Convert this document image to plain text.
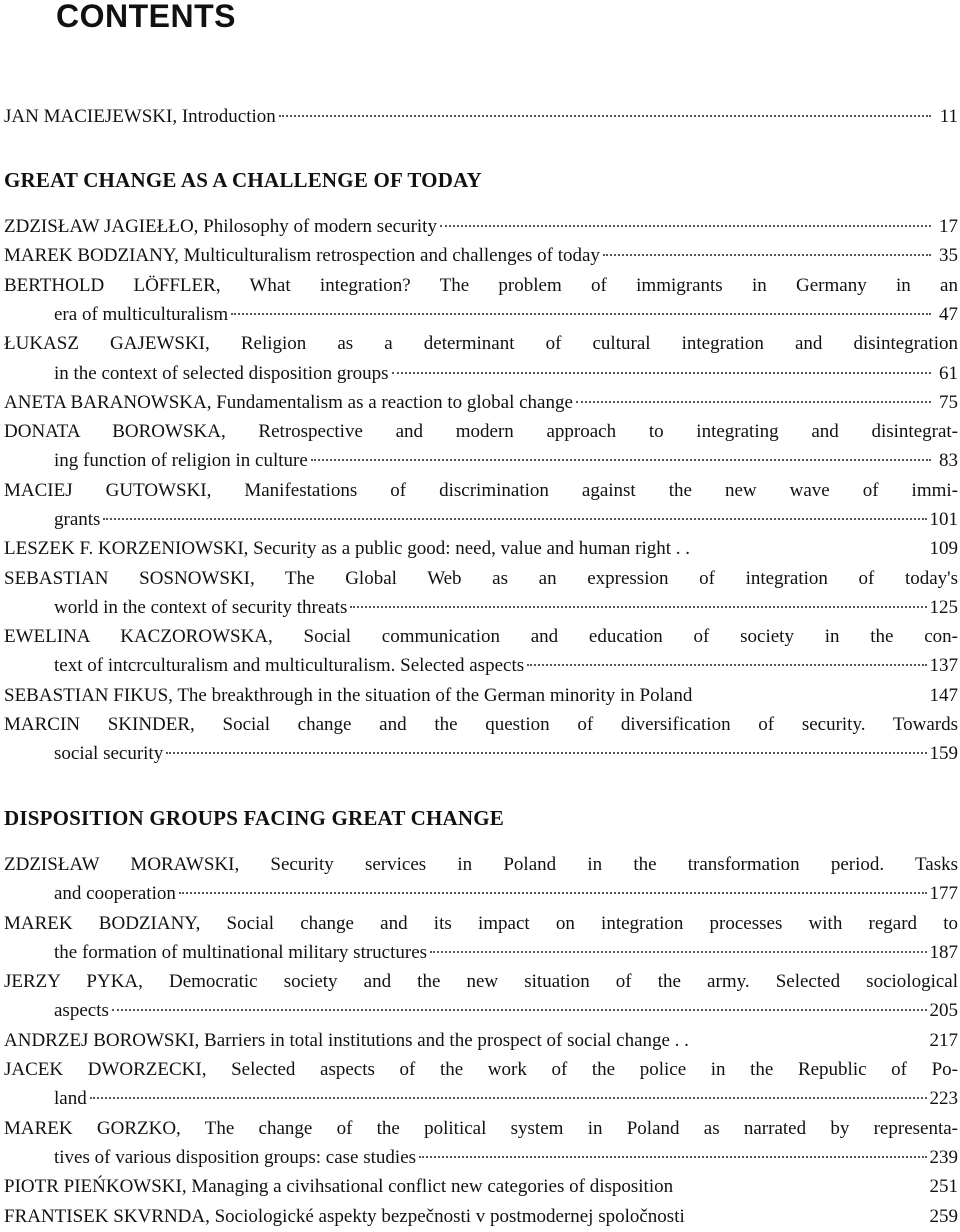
CONTENTS
JAN MACIEJEWSKI, Introduction	11
GREAT CHANGE AS A CHALLENGE OF TODAY
DISPOSITION GROUPS FACING GREAT CHANGE
ZDZISŁAW JAGIEŁŁO, Philosophy of modern security	17
MAREK BODZIANY, Multiculturalism retrospection and challenges of today	35
BERTHOLD LÖFFLER, What integration? The problem of immigrants in Germany in an
era of multiculturalism	47
ŁUKASZ GAJEWSKI, Religion as a determinant of cultural integration and disintegration
in the context of selected disposition groups	61
ANETA BARANOWSKA, Fundamentalism as a reaction to global change	75
DONATA BOROWSKA, Retrospective and modern approach to integrating and disintegrat-
ing function of religion in culture	83
MACIEJ GUTOWSKI, Manifestations of discrimination against the new wave of immi-
grants	101
LESZEK F. KORZENIOWSKI, Security as a public good: need, value and human right . .	109
SEBASTIAN SOSNOWSKI, The Global Web as an expression of integration of today's
world in the context of security threats	125
EWELINA KACZOROWSKA, Social communication and education of society in the con-
text of intcrculturalism and multiculturalism. Selected aspects	137
SEBASTIAN FIKUS, The breakthrough in the situation of the German minority in Poland	147
MARCIN SKINDER, Social change and the question of diversification of security. Towards
social security	159
ZDZISŁAW MORAWSKI, Security services in Poland in the transformation period. Tasks
and cooperation	177
MAREK BODZIANY, Social change and its impact on integration processes with regard to
the formation of multinational military structures	187
JERZY PYKA, Democratic society and the new situation of the army. Selected sociological
aspects	205
ANDRZEJ BOROWSKI, Barriers in total institutions and the prospect of social change . .	217
JACEK DWORZECKI, Selected aspects of the work of the police in the Republic of Po-
land	223
MAREK GORZKO, The change of the political system in Poland as narrated by representa-
tives of various disposition groups: case studies	239
PIOTR PIEŃKOWSKI, Managing a civihsational conflict new categories of disposition	251
FRANTISEK SKVRNDA, Sociologické aspekty bezpečnosti v postmodernej spoločnosti	259
